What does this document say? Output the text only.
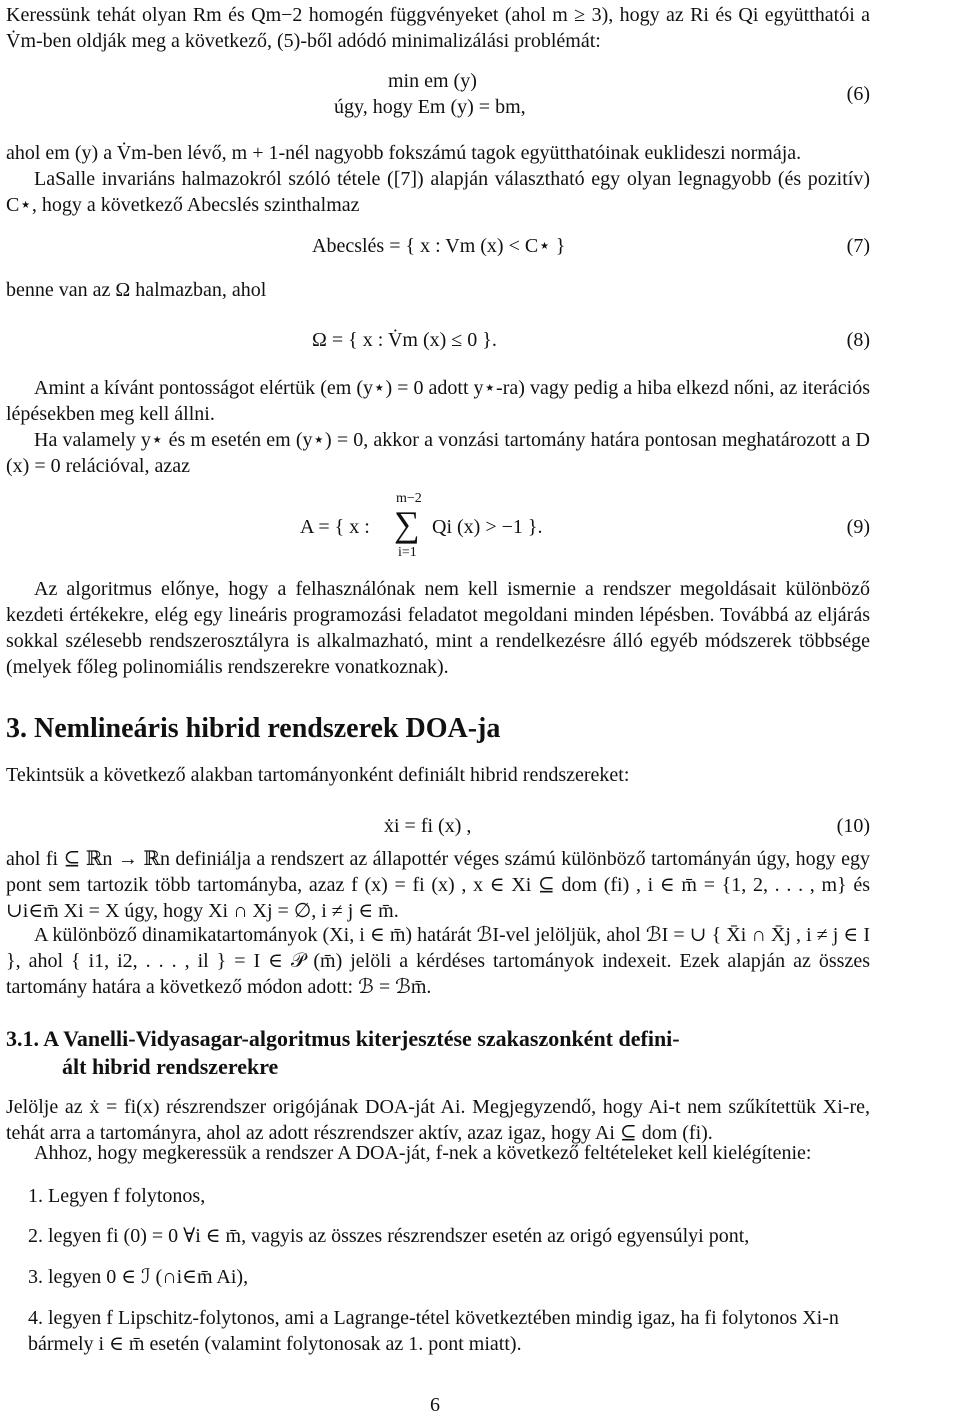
Keressünk tehát olyan Rm és Qm−2 homogén függvényeket (ahol m ≥ 3), hogy az Ri és Qi együtthatói a V̇m-ben oldják meg a következő, (5)-ből adódó minimalizálási problémát:
min em (y)
úgy, hogy Em (y) = bm,
(6)
ahol em (y) a V̇m-ben lévő, m + 1-nél nagyobb fokszámú tagok együtthatóinak euklideszi normája.
LaSalle invariáns halmazokról szóló tétele ([7]) alapján választható egy olyan legnagyobb (és pozitív) C⋆, hogy a következő Abecslés szinthalmaz
Abecslés = { x : Vm (x) < C⋆ }	(7)
benne van az Ω halmazban, ahol
Ω = { x : V̇m (x) ≤ 0 }.	(8)
Amint a kívánt pontosságot elértük (em (y⋆) = 0 adott y⋆-ra) vagy pedig a hiba elkezd nőni, az iterációs lépésekben meg kell állni.
Ha valamely y⋆ és m esetén em (y⋆) = 0, akkor a vonzási tartomány határa pontosan meghatározott a D (x) = 0 relációval, azaz
A = { x :
m−2
∑
i=1
Qi (x) > −1 }.	(9)
Az algoritmus előnye, hogy a felhasználónak nem kell ismernie a rendszer megoldásait különböző kezdeti értékekre, elég egy lineáris programozási feladatot megoldani minden lépésben. Továbbá az eljárás sokkal szélesebb rendszerosztályra is alkalmazható, mint a rendelkezésre álló egyéb módszerek többsége (melyek főleg polinomiális rendszerekre vonatkoznak).
3. Nemlineáris hibrid rendszerek DOA-ja
Tekintsük a következő alakban tartományonként definiált hibrid rendszereket:
ẋi = fi (x) ,	(10)
ahol fi ⊆ ℝn → ℝn definiálja a rendszert az állapottér véges számú különböző tartományán úgy, hogy egy pont sem tartozik több tartományba, azaz f (x) = fi (x) , x ∈ Xi ⊆ dom (fi) , i ∈ m̄ = {1, 2, . . . , m} és ∪i∈m̄ Xi = X úgy, hogy Xi ∩ Xj = ∅, i ≠ j ∈ m̄.
A különböző dinamikatartományok (Xi, i ∈ m̄) határát ℬI-vel jelöljük, ahol ℬI = ∪ { X̄i ∩ X̄j , i ≠ j ∈ I }, ahol { i1, i2, . . . , il } = I ∈ 𝒫 (m̄) jelöli a kérdéses tartományok indexeit. Ezek alapján az összes tartomány határa a következő módon adott: ℬ = ℬm̄.
3.1. A Vanelli-Vidyasagar-algoritmus kiterjesztése szakaszonként defini-
ált hibrid rendszerekre
Jelölje az ẋ = fi(x) részrendszer origójának DOA-ját Ai. Megjegyzendő, hogy Ai-t nem szűkítettük Xi-re, tehát arra a tartományra, ahol az adott részrendszer aktív, azaz igaz, hogy Ai ⊆ dom (fi).
Ahhoz, hogy megkeressük a rendszer A DOA-ját, f-nek a következő feltételeket kell kielégítenie:
1. Legyen f folytonos,
2. legyen fi (0) = 0 ∀i ∈ m̄, vagyis az összes részrendszer esetén az origó egyensúlyi pont,
3. legyen 0 ∈ ℐ (∩i∈m̄ Ai),
4. legyen f Lipschitz-folytonos, ami a Lagrange-tétel következtében mindig igaz, ha fi folytonos Xi-n bármely i ∈ m̄ esetén (valamint folytonosak az 1. pont miatt).
6
